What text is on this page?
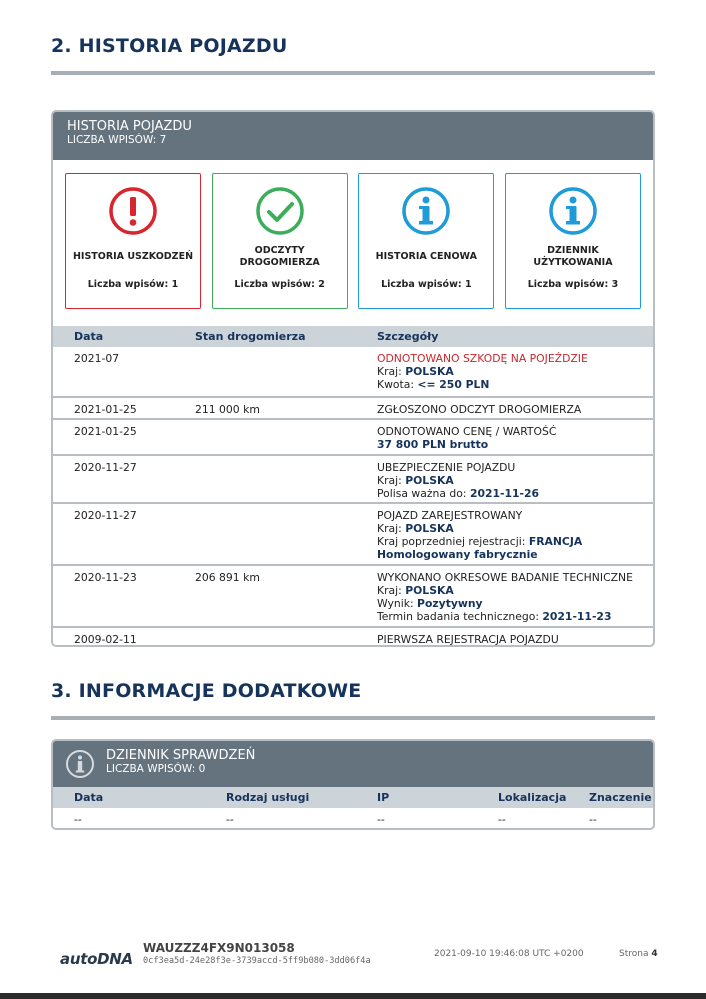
2. HISTORIA POJAZDU
HISTORIA POJAZDU
LICZBA WPISÓW: 7
HISTORIA USZKODZEŃ
Liczba wpisów: 1
ODCZYTY DROGOMIERZA
Liczba wpisów: 2
HISTORIA CENOWA
Liczba wpisów: 1
DZIENNIK UŻYTKOWANIA
Liczba wpisów: 3
Data	Stan drogomierza	Szczegóły
2021-07		ODNOTOWANO SZKODĘ NA POJEŹDZIE
Kraj: POLSKA
Kwota: <= 250 PLN

2021-01-25	211 000 km	ZGŁOSZONO ODCZYT DROGOMIERZA

2021-01-25		ODNOTOWANO CENĘ / WARTOŚĆ
37 800 PLN brutto

2020-11-27		UBEZPIECZENIE POJAZDU
Kraj: POLSKA
Polisa ważna do: 2021-11-26

2020-11-27		POJAZD ZAREJESTROWANY
Kraj: POLSKA
Kraj poprzedniej rejestracji: FRANCJA
Homologowany fabrycznie

2020-11-23	206 891 km	WYKONANO OKRESOWE BADANIE TECHNICZNE
Kraj: POLSKA
Wynik: Pozytywny
Termin badania technicznego: 2021-11-23

2009-02-11		PIERWSZA REJESTRACJA POJAZDU
3. INFORMACJE DODATKOWE
DZIENNIK SPRAWDZEŃ
LICZBA WPISÓW: 0
Data	Rodzaj usługi	IP	Lokalizacja	Znaczenie
--	--	--	--	--
autoDNA
WAUZZZ4FX9N013058
0cf3ea5d-24e28f3e-3739accd-5ff9b080-3dd06f4a
2021-09-10 19:46:08 UTC +0200	Strona 4
